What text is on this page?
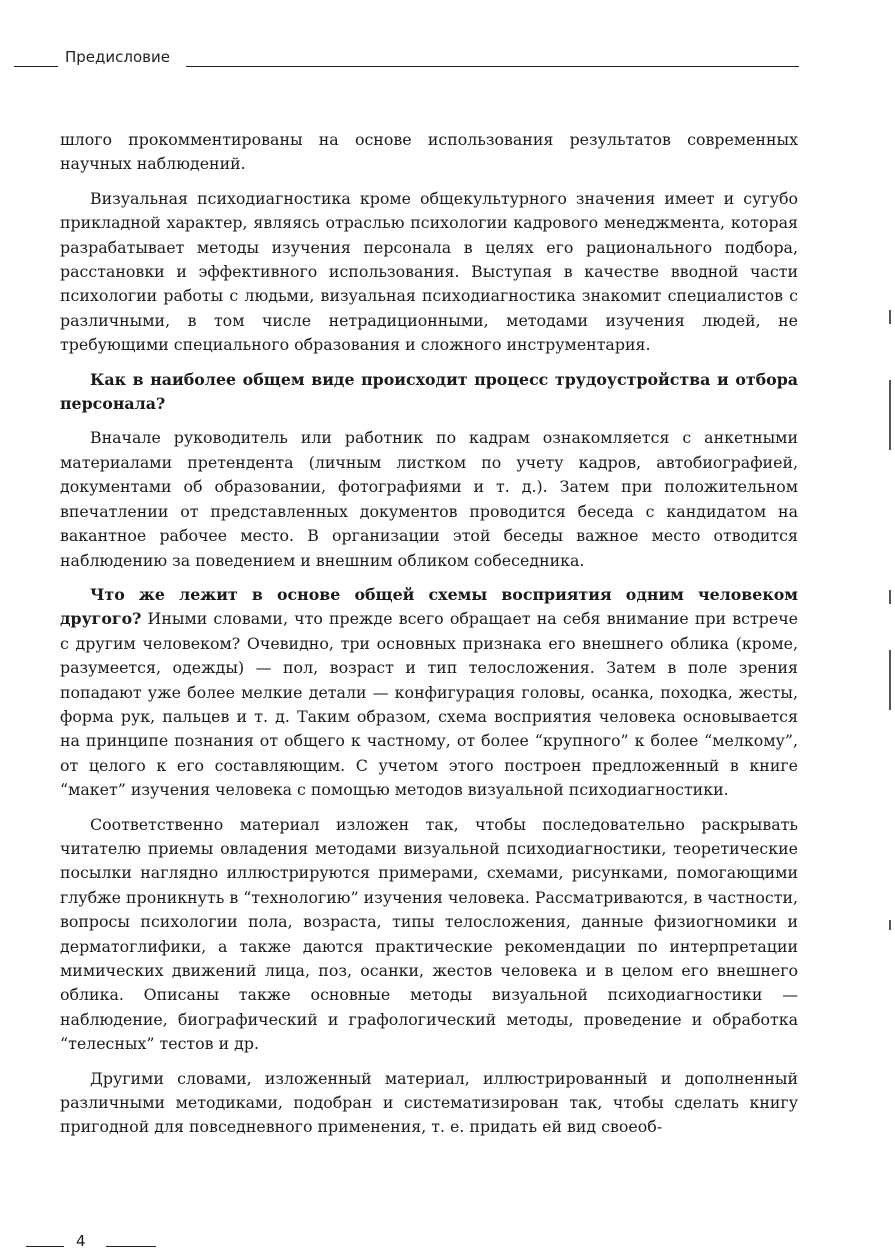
Предисловие

шлого прокомментированы на основе использования результатов современных научных наблюдений.

Визуальная психодиагностика кроме общекультурного значения имеет и сугубо прикладной характер, являясь отраслью психологии кадрового менеджмента, которая разрабатывает методы изучения персонала в целях его рационального подбора, расстановки и эффективного использования. Выступая в качестве вводной части психологии работы с людьми, визуальная психодиагностика знакомит специалистов с различными, в том числе нетрадиционными, методами изучения людей, не требующими специального образования и сложного инструментария.

Как в наиболее общем виде происходит процесс трудоустройства и отбора персонала?

Вначале руководитель или работник по кадрам ознакомляется с анкетными материалами претендента (личным листком по учету кадров, автобиографией, документами об образовании, фотографиями и т. д.). Затем при положительном впечатлении от представленных документов проводится беседа с кандидатом на вакантное рабочее место. В организации этой беседы важное место отводится наблюдению за поведением и внешним обликом собеседника.

Что же лежит в основе общей схемы восприятия одним человеком другого? Иными словами, что прежде всего обращает на себя внимание при встрече с другим человеком? Очевидно, три основных признака его внешнего облика (кроме, разумеется, одежды) — пол, возраст и тип телосложения. Затем в поле зрения попадают уже более мелкие детали — конфигурация головы, осанка, походка, жесты, форма рук, пальцев и т. д. Таким образом, схема восприятия человека основывается на принципе познания от общего к частному, от более “крупного” к более “мелкому”, от целого к его составляющим. С учетом этого построен предложенный в книге “макет” изучения человека с помощью методов визуальной психодиагностики.

Соответственно материал изложен так, чтобы последовательно раскрывать читателю приемы овладения методами визуальной психодиагностики, теоретические посылки наглядно иллюстрируются примерами, схемами, рисунками, помогающими глубже проникнуть в “технологию” изучения человека. Рассматриваются, в частности, вопросы психологии пола, возраста, типы телосложения, данные физиогномики и дерматоглифики, а также даются практические рекомендации по интерпретации мимических движений лица, поз, осанки, жестов человека и в целом его внешнего облика. Описаны также основные методы визуальной психодиагностики — наблюдение, биографический и графологический методы, проведение и обработка “телесных” тестов и др.

Другими словами, изложенный материал, иллюстрированный и дополненный различными методиками, подобран и систематизирован так, чтобы сделать книгу пригодной для повседневного применения, т. е. придать ей вид своеоб-

4
